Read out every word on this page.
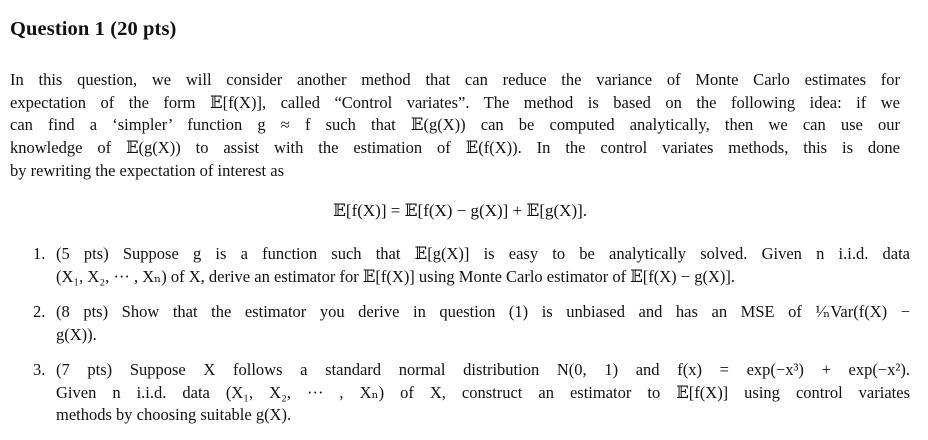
Question 1 (20 pts)
In this question, we will consider another method that can reduce the variance of Monte Carlo estimates for
expectation of the form 𝔼[f(X)], called “Control variates”. The method is based on the following idea: if we
can find a ‘simpler’ function g ≈ f such that 𝔼(g(X)) can be computed analytically, then we can use our
knowledge of 𝔼(g(X)) to assist with the estimation of 𝔼(f(X)). In the control variates methods, this is done
by rewriting the expectation of interest as
𝔼[f(X)] = 𝔼[f(X) − g(X)] + 𝔼[g(X)].
1. (5 pts) Suppose g is a function such that 𝔼[g(X)] is easy to be analytically solved. Given n i.i.d. data
(X₁, X₂, ··· , Xₙ) of X, derive an estimator for 𝔼[f(X)] using Monte Carlo estimator of 𝔼[f(X) − g(X)].
2. (8 pts) Show that the estimator you derive in question (1) is unbiased and has an MSE of ¹⁄ₙVar(f(X) −
g(X)).
3. (7 pts) Suppose X follows a standard normal distribution N(0, 1) and f(x) = exp(−x³) + exp(−x²).
Given n i.i.d. data (X₁, X₂, ··· , Xₙ) of X, construct an estimator to 𝔼[f(X)] using control variates
methods by choosing suitable g(X).
